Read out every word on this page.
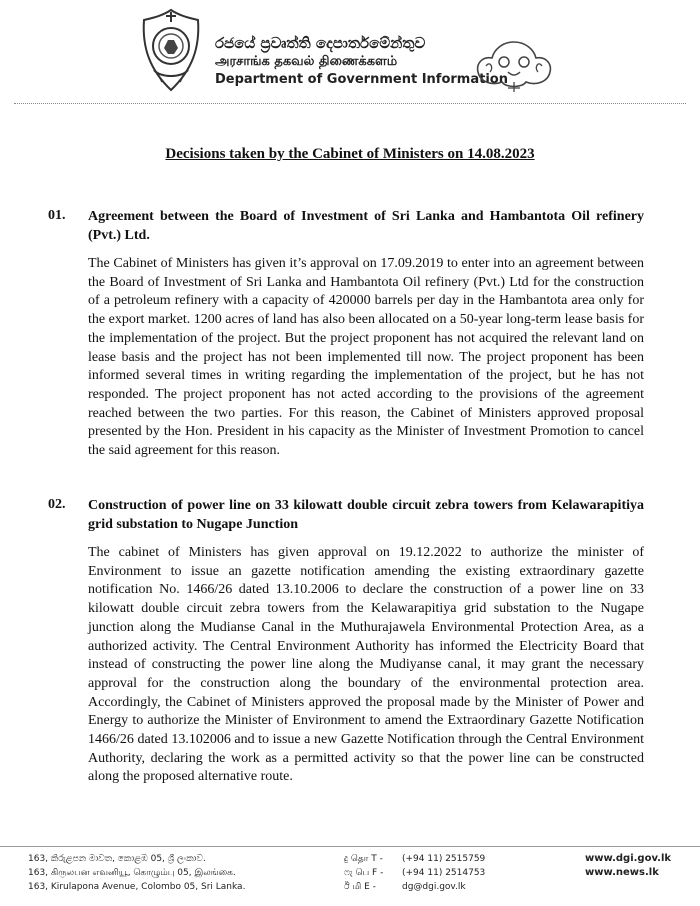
රජයේ ප්‍රවෘත්ති දෙපාර්තමේන්තුව
அரசாங்க தகவல் திணைக்களம்
Department of Government Information
Decisions taken by the Cabinet of Ministers on 14.08.2023
01. Agreement between the Board of Investment of Sri Lanka and Hambantota Oil refinery (Pvt.) Ltd.

The Cabinet of Ministers has given it’s approval on 17.09.2019 to enter into an agreement between the Board of Investment of Sri Lanka and Hambantota Oil refinery (Pvt.) Ltd for the construction of a petroleum refinery with a capacity of 420000 barrels per day in the Hambantota area only for the export market. 1200 acres of land has also been allocated on a 50-year long-term lease basis for the implementation of the project. But the project proponent has not acquired the relevant land on lease basis and the project has not been implemented till now. The project proponent has been informed several times in writing regarding the implementation of the project, but he has not responded. The project proponent has not acted according to the provisions of the agreement reached between the two parties. For this reason, the Cabinet of Ministers approved proposal presented by the Hon. President in his capacity as the Minister of Investment Promotion to cancel the said agreement for this reason.

02. Construction of power line on 33 kilowatt double circuit zebra towers from Kelawarapitiya grid substation to Nugape Junction

The cabinet of Ministers has given approval on 19.12.2022 to authorize the minister of Environment to issue an gazette notification amending the existing extraordinary gazette notification No. 1466/26 dated 13.10.2006 to declare the construction of a power line on 33 kilowatt double circuit zebra towers from the Kelawarapitiya grid substation to the Nugape junction along the Mudianse Canal in the Muthurajawela Environmental Protection Area, as a authorized activity. The Central Environment Authority has informed the Electricity Board that instead of constructing the power line along the Mudiyanse canal, it may grant the necessary approval for the construction along the boundary of the environmental protection area. Accordingly, the Cabinet of Ministers approved the proposal made by the Minister of Power and Energy to authorize the Minister of Environment to amend the Extraordinary Gazette Notification 1466/26 dated 13.102006 and to issue a new Gazette Notification through the Central Environment Authority, declaring the work as a permitted activity so that the power line can be constructed along the proposed alternative route.

163, කිරුළපන මාවත, කොළඹ 05, ශ්‍රී ලංකාව.
163, கிருலபன எவனியூ, கொழும்பு 05, இலங்கை.
163, Kirulapona Avenue, Colombo 05, Sri Lanka.
දු தொ T - (+94 11) 2515759
ෆැ பெ F - (+94 11) 2514753
ඊ மி E -	dg@dgi.gov.lk
www.dgi.gov.lk
www.news.lk
